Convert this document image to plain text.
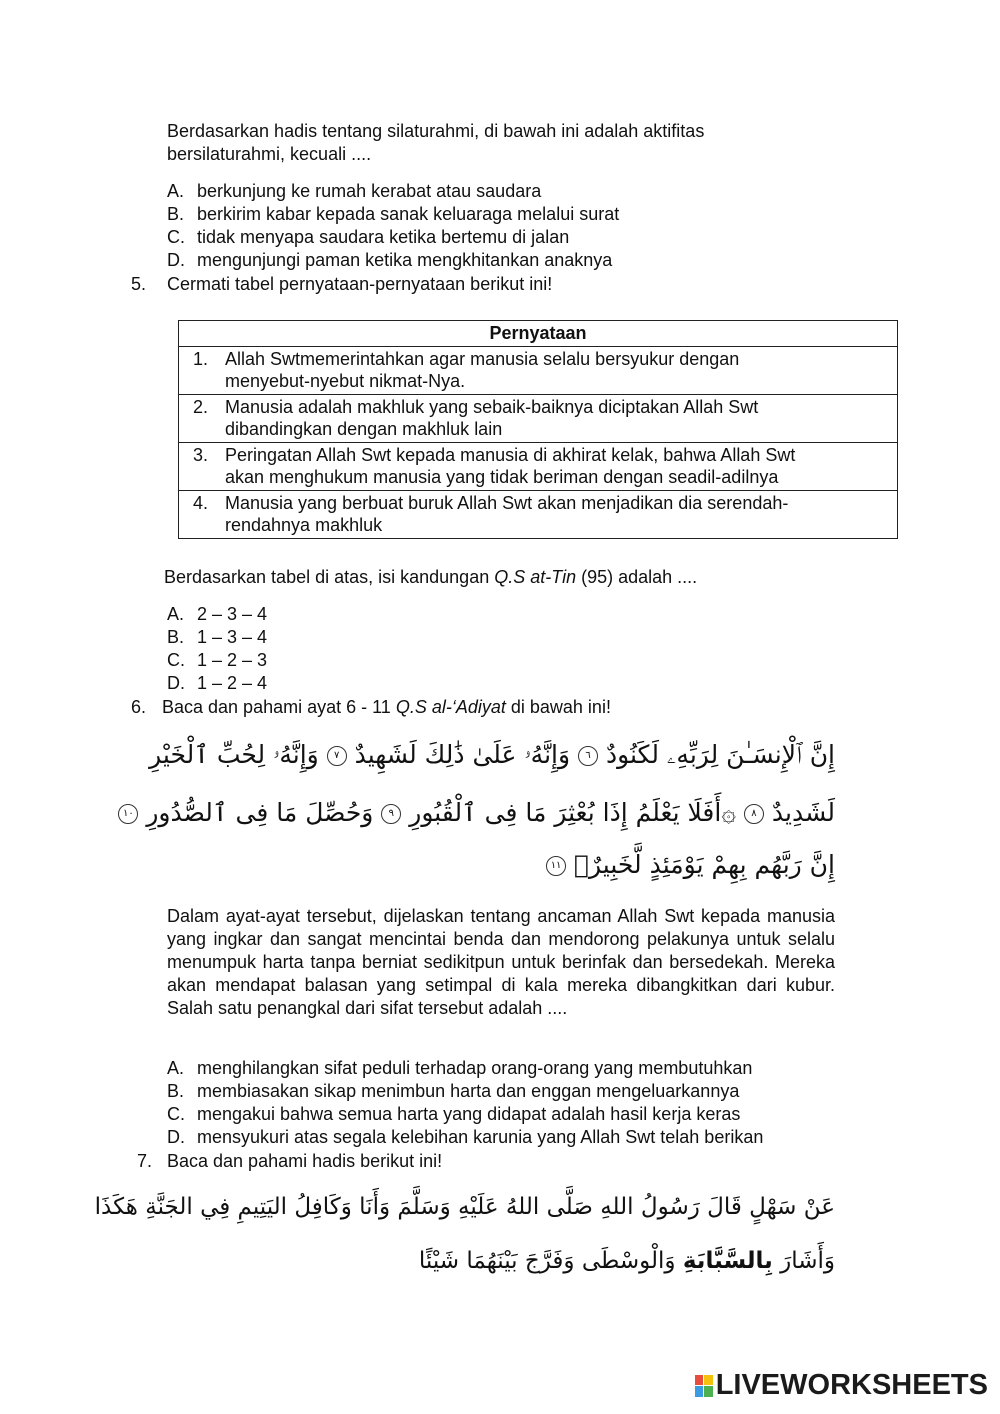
Berdasarkan hadis tentang silaturahmi, di bawah ini adalah aktifitas
bersilaturahmi, kecuali ....
A. berkunjung ke rumah kerabat atau saudara
B. berkirim kabar kepada sanak keluaraga melalui surat
C. tidak menyapa saudara ketika bertemu di jalan
D. mengunjungi paman ketika mengkhitankan anaknya
5. Cermati tabel pernyataan-pernyataan berikut ini!
Pernyataan

1. Allah Swtmemerintahkan agar manusia selalu bersyukur dengan
menyebut-nyebut nikmat-Nya.

2. Manusia adalah makhluk yang sebaik-baiknya diciptakan Allah Swt
dibandingkan dengan makhluk lain

3. Peringatan Allah Swt kepada manusia di akhirat kelak, bahwa Allah Swt
akan menghukum manusia yang tidak beriman dengan seadil-adilnya

4. Manusia yang berbuat buruk Allah Swt akan menjadikan dia serendah-
rendahnya makhluk
Berdasarkan tabel di atas, isi kandungan Q.S at-Tin (95) adalah ....
A. 2 – 3 – 4
B. 1 – 3 – 4
C. 1 – 2 – 3
D. 1 – 2 – 4
6. Baca dan pahami ayat 6 - 11 Q.S al-‘Adiyat di bawah ini!
إِنَّ ٱلْإِنسَـٰنَ لِرَبِّهِۦ لَكَنُودٌ ٦ وَإِنَّهُۥ عَلَىٰ ذَٰلِكَ لَشَهِيدٌ ٧ وَإِنَّهُۥ لِحُبِّ ٱلْخَيْرِ
لَشَدِيدٌ ٨ ۞أَفَلَا يَعْلَمُ إِذَا بُعْثِرَ مَا فِى ٱلْقُبُورِ ٩ وَحُصِّلَ مَا فِى ٱلصُّدُورِ ١٠
إِنَّ رَبَّهُم بِهِمْ يَوْمَئِذٍ لَّخَبِيرٌۢ ١١
Dalam ayat-ayat tersebut, dijelaskan tentang ancaman Allah Swt kepada manusia yang ingkar dan sangat mencintai benda dan mendorong pelakunya untuk selalu menumpuk harta tanpa berniat sedikitpun untuk berinfak dan bersedekah. Mereka akan mendapat balasan yang setimpal di kala mereka dibangkitkan dari kubur. Salah satu penangkal dari sifat tersebut adalah ....
A. menghilangkan sifat peduli terhadap orang-orang yang membutuhkan
B. membiasakan sikap menimbun harta dan enggan mengeluarkannya
C. mengakui bahwa semua harta yang didapat adalah hasil kerja keras
D. mensyukuri atas segala kelebihan karunia yang Allah Swt telah berikan
7. Baca dan pahami hadis berikut ini!
عَنْ سَهْلٍ قَالَ رَسُولُ اللهِ صَلَّى اللهُ عَلَيْهِ وَسَلَّمَ وَأَنَا وَكَافِلُ اليَتِيمِ فِي الجَنَّةِ هَكَذَا
وَأَشَارَ بِالسَّبَّابَةِ وَالْوسْطَى وَفَرَّجَ بَيْنَهُمَا شَيْئًا
LIVEWORKSHEETS
